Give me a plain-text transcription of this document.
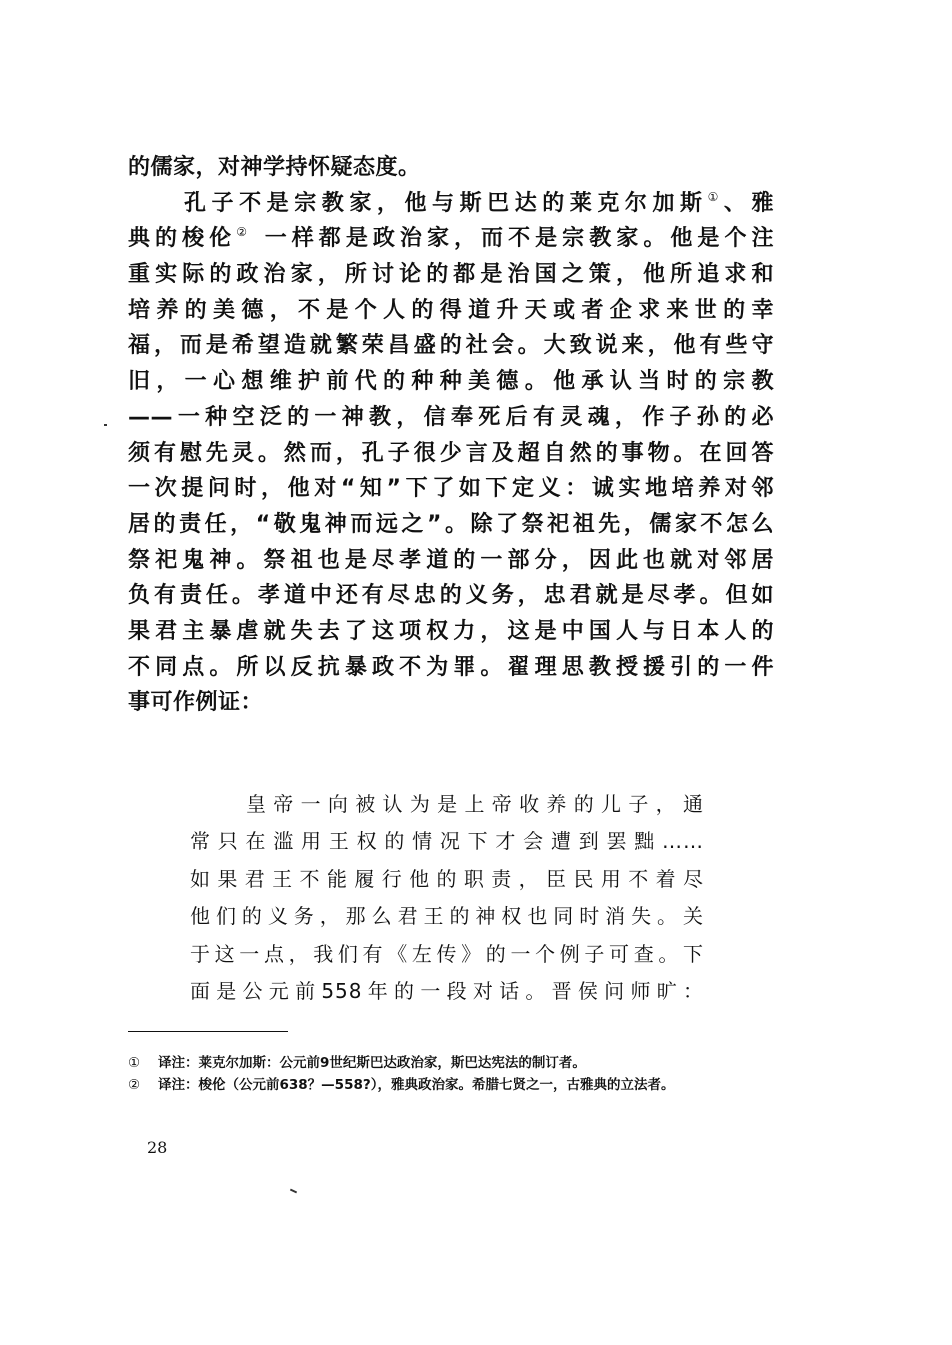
的儒家，对神学持怀疑态度。
孔子不是宗教家，他与斯巴达的莱克尔加斯①、雅
典的梭伦② 一样都是政治家，而不是宗教家。他是个注
重实际的政治家，所讨论的都是治国之策，他所追求和
培养的美德，不是个人的得道升天或者企求来世的幸
福，而是希望造就繁荣昌盛的社会。大致说来，他有些守
旧，一心想维护前代的种种美德。他承认当时的宗教
——一种空泛的一神教，信奉死后有灵魂，作子孙的必
须有慰先灵。然而，孔子很少言及超自然的事物。在回答
一次提问时，他对“知”下了如下定义：诚实地培养对邻
居的责任，“敬鬼神而远之”。除了祭祀祖先，儒家不怎么
祭祀鬼神。祭祖也是尽孝道的一部分，因此也就对邻居
负有责任。孝道中还有尽忠的义务，忠君就是尽孝。但如
果君主暴虐就失去了这项权力，这是中国人与日本人的
不同点。所以反抗暴政不为罪。翟理思教授援引的一件
事可作例证：
皇帝一向被认为是上帝收养的儿子，通
常只在滥用王权的情况下才会遭到罢黜……
如果君王不能履行他的职责，臣民用不着尽
他们的义务，那么君王的神权也同时消失。关
于这一点，我们有《左传》的一个例子可查。下
面是公元前558年的一段对话。晋侯问师旷：
①	译注：莱克尔加斯：公元前9世纪斯巴达政治家，斯巴达宪法的制订者。
②	译注：梭伦（公元前638？—558?），雅典政治家。希腊七贤之一，古雅典的立法者。
28
